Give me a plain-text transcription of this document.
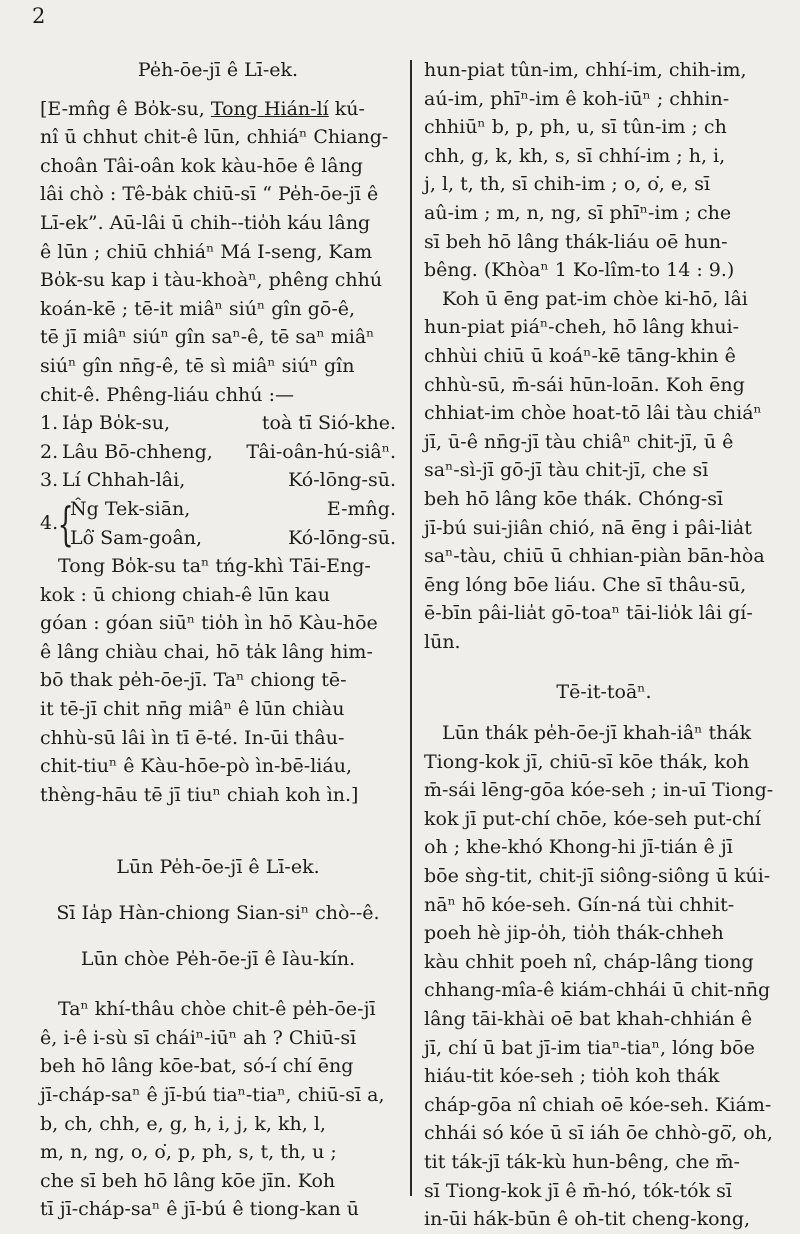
2

Pe̍h-ōe-jī ê Lī-ek.

[E-mn̂g ê Bo̍k-su, Tong Hián-lí kú-

nî ū chhut chit-ê lūn, chhiáⁿ Chiang-

choân Tâi-oân kok kàu-hōe ê lâng

lâi chò : Tê-ba̍k chiū-sī “ Pe̍h-ōe-jī ê

Lī-ek”. Aū-lâi ū chih--tio̍h káu lâng

ê lūn ; chiū chhiáⁿ Má I-seng, Kam

Bo̍k-su kap i tàu-khoàⁿ, phêng chhú

koán-kē ; tē-it miâⁿ siúⁿ gîn gō-ê,

tē jī miâⁿ siúⁿ gîn saⁿ-ê, tē saⁿ miâⁿ

siúⁿ gîn nn̄g-ê, tē sì miâⁿ siúⁿ gîn

chit-ê. Phêng-liáu chhú :—

1. Ia̍p Bo̍k-su,	toà tī Sió-khe.
2. Lâu Bō-chheng,	Tâi-oân-hú-siâⁿ.
3. Lí Chhah-lâi,	Kó-lōng-sū.
4. {
N̂g Tek-siān,	E-mn̂g.
Lô͘ Sam-goân,	Kó-lōng-sū.

Tong Bo̍k-su taⁿ tńg-khì Tāi-Eng-

kok : ū chiong chiah-ê lūn kau

góan : góan siūⁿ tio̍h ìn hō Kàu-hōe

ê lâng chiàu chai, hō ta̍k lâng him-

bō thak pe̍h-ōe-jī. Taⁿ chiong tē-

it tē-jī chit nn̄g miâⁿ ê lūn chiàu

chhù-sū lâi ìn tī ē-té. In-ūi thâu-

chit-tiuⁿ ê Kàu-hōe-pò ìn-bē-liáu,

thèng-hāu tē jī tiuⁿ chiah koh ìn.]

Lūn Pe̍h-ōe-jī ê Lī-ek.

Sī Ia̍p Hàn-chiong Sian-siⁿ chò--ê.

Lūn chòe Pe̍h-ōe-jī ê Iàu-kín.

Taⁿ khí-thâu chòe chit-ê pe̍h-ōe-jī

ê, i-ê i-sù sī cháiⁿ-iūⁿ ah ? Chiū-sī

beh hō lâng kōe-bat, só-í chí ēng

jī-cháp-saⁿ ê jī-bú tiaⁿ-tiaⁿ, chiū-sī a,

b, ch, chh, e, g, h, i, j, k, kh, l,

m, n, ng, o, o͘, p, ph, s, t, th, u ;

che sī beh hō lâng kōe jīn. Koh

tī jī-cháp-saⁿ ê jī-bú ê tiong-kan ū

hun-piat tûn-im, chhí-im, chih-im,

aú-im, phīⁿ-im ê koh-iūⁿ ; chhin-

chhiūⁿ b, p, ph, u, sī tûn-im ; ch

chh, g, k, kh, s, sī chhí-im ; h, i,

j, l, t, th, sī chih-im ; o, o͘, e, sī

aû-im ; m, n, ng, sī phīⁿ-im ; che

sī beh hō lâng thák-liáu oē hun-

bêng. (Khòaⁿ 1 Ko-lîm-to 14 : 9.)

Koh ū ēng pat-im chòe ki-hō, lâi

hun-piat piáⁿ-cheh, hō lâng khui-

chhùi chiū ū koáⁿ-kē tāng-khin ê

chhù-sū, m̄-sái hūn-loān. Koh ēng

chhiat-im chòe hoat-tō lâi tàu chiáⁿ

jī, ū-ê nn̄g-jī tàu chiâⁿ chit-jī, ū ê

saⁿ-sì-jī gō-jī tàu chit-jī, che sī

beh hō lâng kōe thák. Chóng-sī

jī-bú sui-jiân chió, nā ēng i pâi-lia̍t

saⁿ-tàu, chiū ū chhian-piàn bān-hòa

ēng lóng bōe liáu. Che sī thâu-sū,

ē-bīn pâi-lia̍t gō-toaⁿ tāi-lio̍k lâi gí-

lūn.

Tē-it-toāⁿ.

Lūn thák pe̍h-ōe-jī khah-iâⁿ thák

Tiong-kok jī, chiū-sī kōe thák, koh

m̄-sái lēng-gōa kóe-seh ; in-uī Tiong-

kok jī put-chí chōe, kóe-seh put-chí

oh ; khe-khó Khong-hi jī-tián ê jī

bōe sǹg-tit, chit-jī siông-siông ū kúi-

nāⁿ hō kóe-seh. Gín-ná tùi chhit-

poeh hè jip-o̍h, tio̍h thák-chheh

kàu chhit poeh nî, cháp-lâng tiong

chhang-mîa-ê kiám-chhái ū chit-nn̄g

lâng tāi-khài oē bat khah-chhián ê

jī, chí ū bat jī-im tiaⁿ-tiaⁿ, lóng bōe

hiáu-tit kóe-seh ; tio̍h koh thák

cháp-gōa nî chiah oē kóe-seh. Kiám-

chhái só kóe ū sī iáh ōe chhò-gō͘, oh,

tit ták-jī ták-kù hun-bêng, che m̄-

sī Tiong-kok jī ê m̄-hó, tók-tók sī

in-ūi hák-būn ê oh-tit cheng-kong,
